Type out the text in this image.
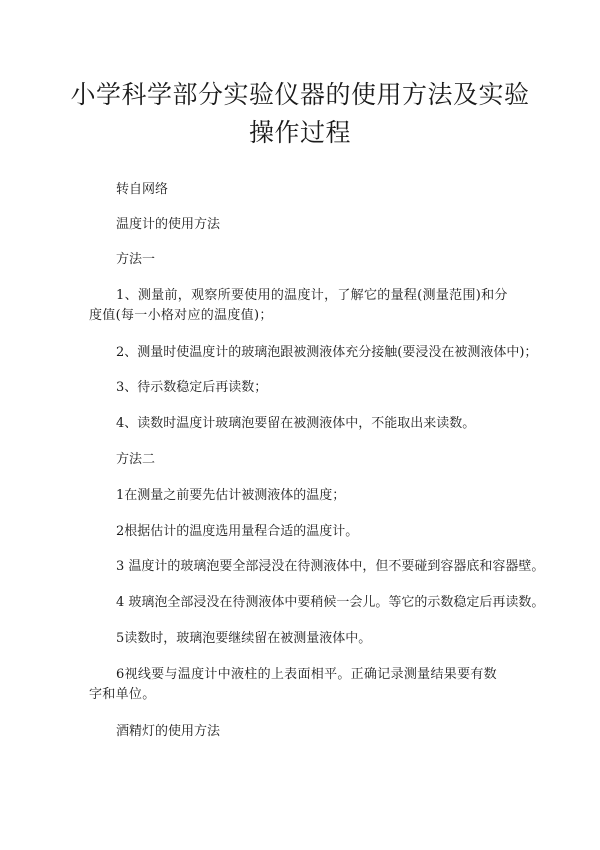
小学科学部分实验仪器的使用方法及实验操作过程

转自网络

温度计的使用方法

方法一

1、测量前，观察所要使用的温度计，了解它的量程(测量范围)和分度值(每一小格对应的温度值)；

2、测量时使温度计的玻璃泡跟被测液体充分接触(要浸没在被测液体中)；

3、待示数稳定后再读数；

4、读数时温度计玻璃泡要留在被测液体中，不能取出来读数。

方法二

1在测量之前要先估计被测液体的温度；

2根据估计的温度选用量程合适的温度计。

3 温度计的玻璃泡要全部浸没在待测液体中，但不要碰到容器底和容器壁。

4 玻璃泡全部浸没在待测液体中要稍候一会儿。等它的示数稳定后再读数。

5读数时，玻璃泡要继续留在被测量液体中。

6视线要与温度计中液柱的上表面相平。正确记录测量结果要有数字和单位。

酒精灯的使用方法
